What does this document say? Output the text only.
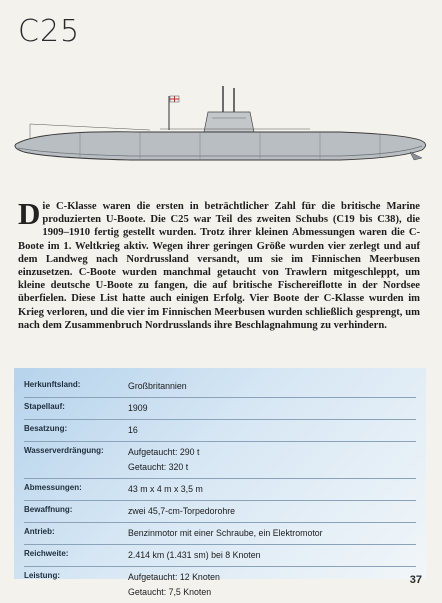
C25
Die C-Klasse waren die ersten in beträchtlicher Zahl für die britische Marine produzierten U-Boote. Die C25 war Teil des zweiten Schubs (C19 bis C38), die 1909–1910 fertig gestellt wurden. Trotz ihrer kleinen Abmessungen waren die C-Boote im 1. Weltkrieg aktiv. Wegen ihrer geringen Größe wurden vier zerlegt und auf dem Landweg nach Nordrussland versandt, um sie im Finnischen Meerbusen einzusetzen. C-Boote wurden manchmal getaucht von Trawlern mitgeschleppt, um kleine deutsche U-Boote zu fangen, die auf britische Fischereiflotte in der Nordsee überfielen. Diese List hatte auch einigen Erfolg. Vier Boote der C-Klasse wurden im Krieg verloren, und die vier im Finnischen Meerbusen wurden schließlich gesprengt, um nach dem Zusammenbruch Nordrusslands ihre Beschlagnahmung zu verhindern.
Herkunftsland:	Großbritannien

Stapellauf:	1909

Besatzung:	16

Wasserverdrängung:	Aufgetaucht: 290 t
Getaucht: 320 t

Abmessungen:	43 m x 4 m x 3,5 m

Bewaffnung:	zwei 45,7-cm-Torpedorohre

Antrieb:	Benzinmotor mit einer Schraube, ein Elektromotor

Reichweite:	2.414 km (1.431 sm) bei 8 Knoten

Leistung:	Aufgetaucht: 12 Knoten
Getaucht: 7,5 Knoten
37
